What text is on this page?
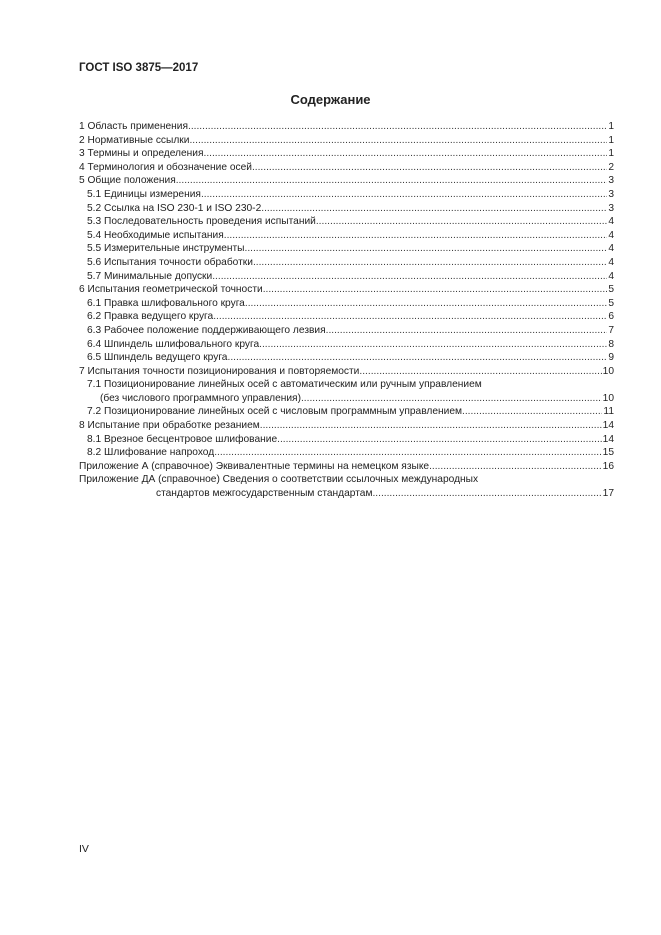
ГОСТ ISO 3875—2017
Содержание
1 Область применения .....	1
2 Нормативные ссылки .....	1
3 Термины и определения .....	1
4 Терминология и обозначение осей .....	2
5 Общие положения .....	3
5.1 Единицы измерения .....	3
5.2 Ссылка на ISO 230-1 и ISO 230-2 .....	3
5.3 Последовательность проведения испытаний .....	4
5.4 Необходимые испытания .....	4
5.5 Измерительные инструменты .....	4
5.6 Испытания точности обработки .....	4
5.7 Минимальные допуски .....	4
6 Испытания геометрической точности .....	5
6.1 Правка шлифовального круга .....	5
6.2 Правка ведущего круга .....	6
6.3 Рабочее положение поддерживающего лезвия .....	7
6.4 Шпиндель шлифовального круга .....	8
6.5 Шпиндель ведущего круга .....	9
7 Испытания точности позиционирования и повторяемости .....	10
7.1 Позиционирование линейных осей с автоматическим или ручным управлением
(без числового программного управления) .....	10
7.2 Позиционирование линейных осей с числовым программным управлением .....	11
8 Испытание при обработке резанием .....	14
8.1 Врезное бесцентровое шлифование .....	14
8.2 Шлифование напроход .....	15
Приложение А (справочное) Эквивалентные термины на немецком языке .....	16
Приложение ДА (справочное) Сведения о соответствии ссылочных международных
стандартов межгосударственным стандартам .....	17
IV
